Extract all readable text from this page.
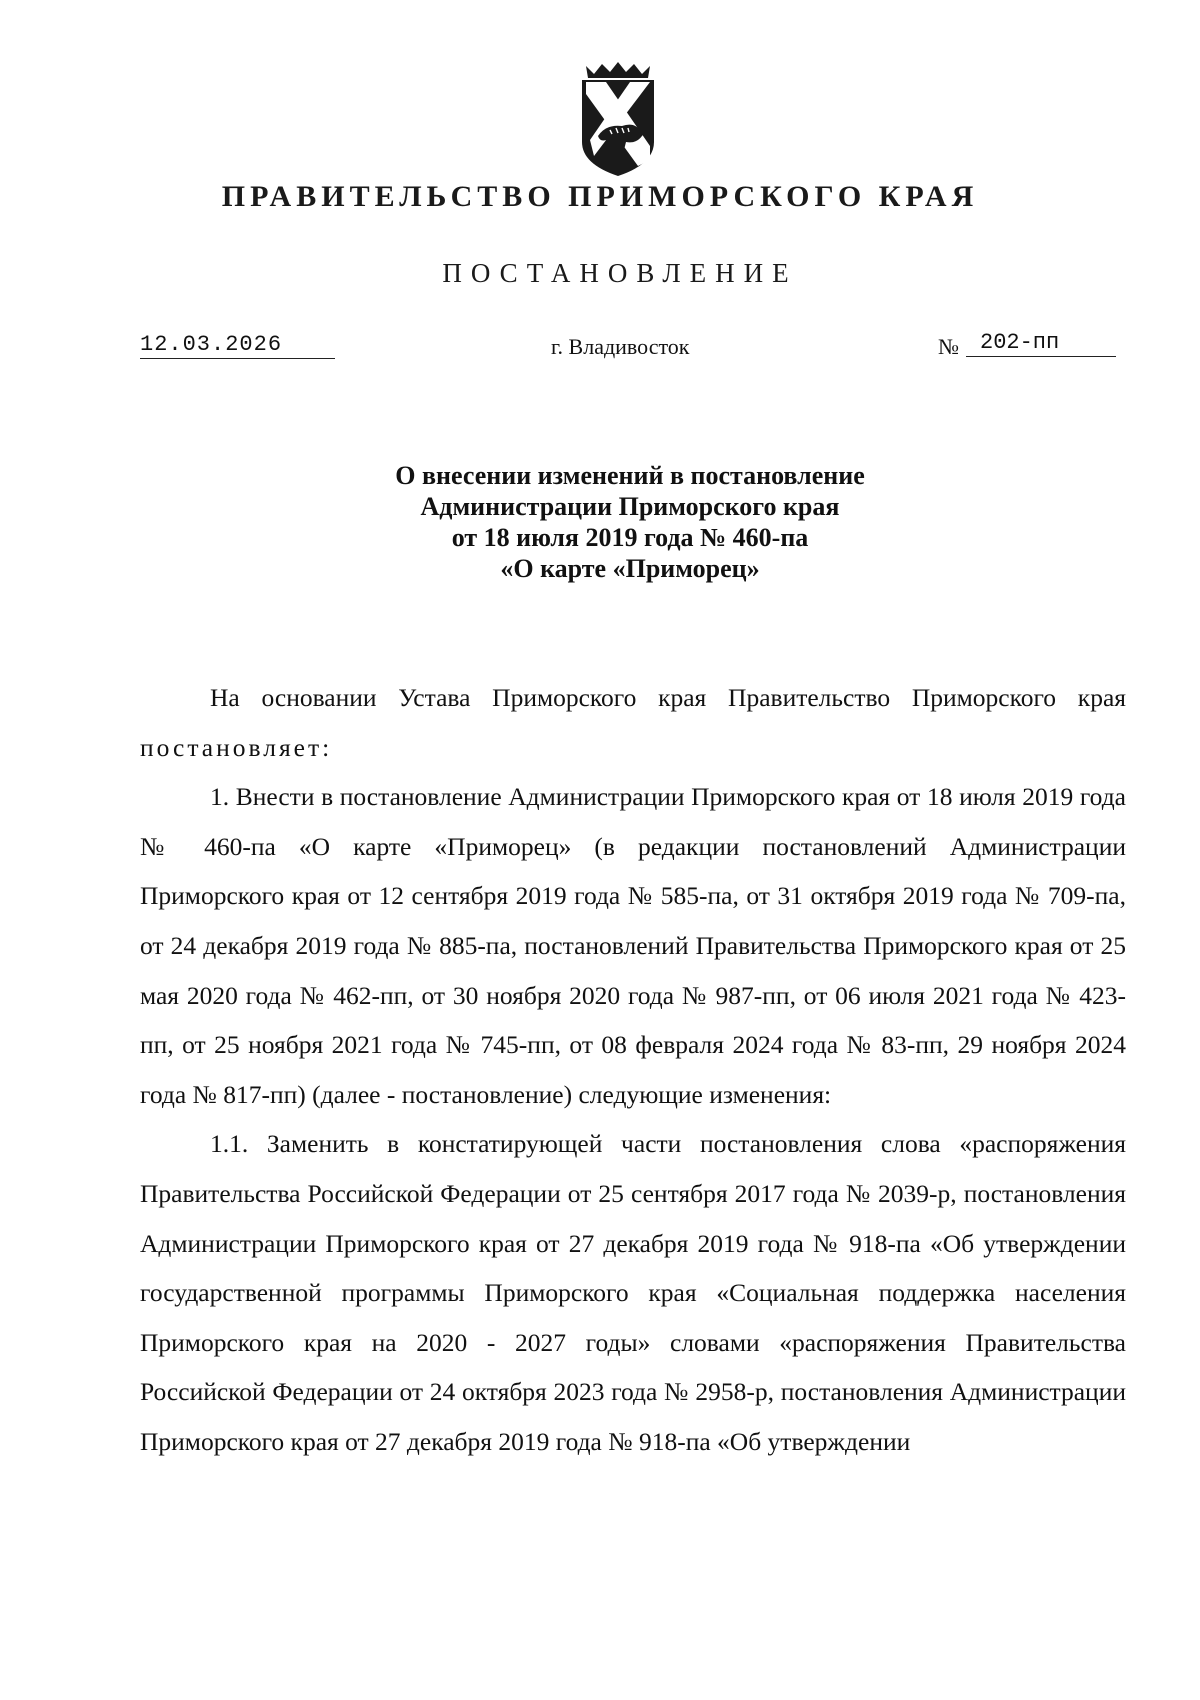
ПРАВИТЕЛЬСТВО ПРИМОРСКОГО КРАЯ
ПОСТАНОВЛЕНИЕ
12.03.2026	г. Владивосток	№ 202-пп
О внесении изменений в постановление
Администрации Приморского края
от 18 июля 2019 года № 460-па
«О карте «Приморец»

На основании Устава Приморского края Правительство Приморского края постановляет:

1. Внести в постановление Администрации Приморского края от 18 июля 2019 года № 460-па «О карте «Приморец» (в редакции постановлений Администрации Приморского края от 12 сентября 2019 года № 585-па, от 31 октября 2019 года № 709-па, от 24 декабря 2019 года № 885-па, постановлений Правительства Приморского края от 25 мая 2020 года № 462-пп, от 30 ноября 2020 года № 987-пп, от 06 июля 2021 года № 423-пп, от 25 ноября 2021 года № 745-пп, от 08 февраля 2024 года № 83-пп, 29 ноября 2024 года № 817-пп) (далее - постановление) следующие изменения:

1.1. Заменить в констатирующей части постановления слова «распоряжения Правительства Российской Федерации от 25 сентября 2017 года № 2039-р, постановления Администрации Приморского края от 27 декабря 2019 года № 918-па «Об утверждении государственной программы Приморского края «Социальная поддержка населения Приморского края на 2020 - 2027 годы» словами «распоряжения Правительства Российской Федерации от 24 октября 2023 года № 2958-р, постановления Администрации Приморского края от 27 декабря 2019 года № 918-па «Об утверждении
